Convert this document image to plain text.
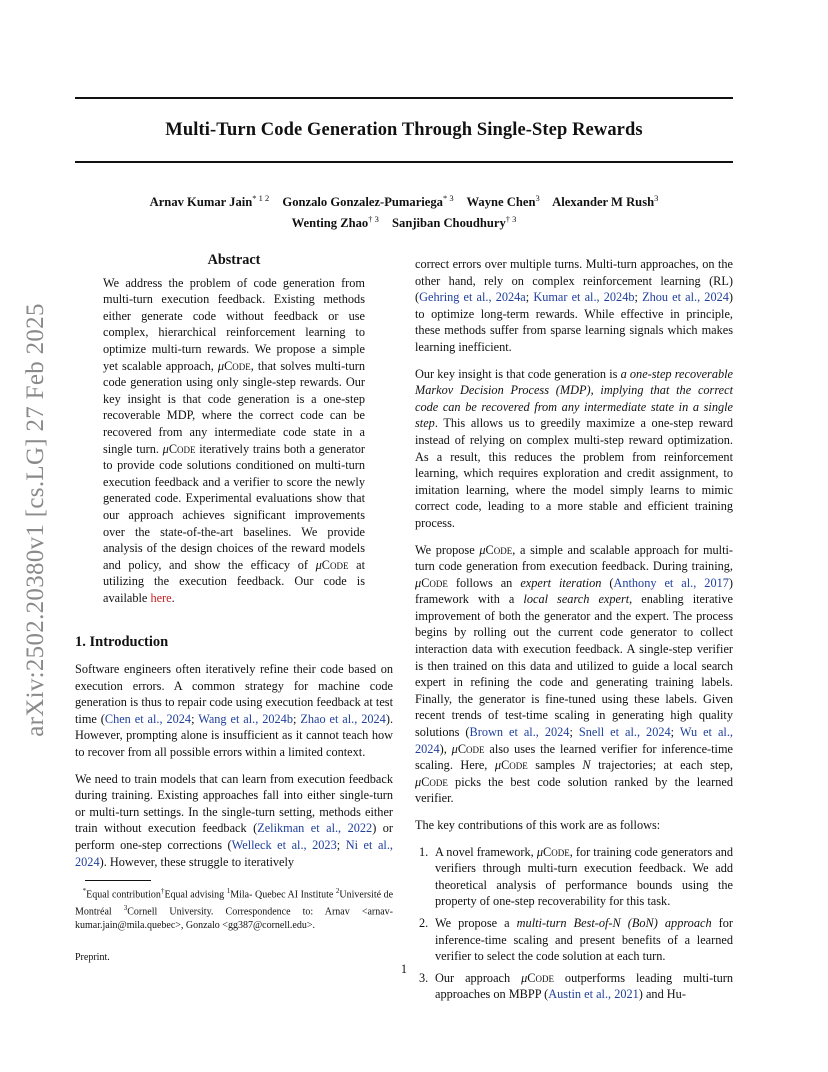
arXiv:2502.20380v1 [cs.LG] 27 Feb 2025
Multi-Turn Code Generation Through Single-Step Rewards
Arnav Kumar Jain$^{* 1 2}$ Gonzalo Gonzalez-Pumariega$^{* 3}$ Wayne Chen$^3$ Alexander M Rush$^3$
Wenting Zhao$^{\dagger 3}$ Sanjiban Choudhury$^{\dagger 3}$
Abstract

We address the problem of code generation from multi-turn execution feedback. Existing methods either generate code without feedback or use complex, hierarchical reinforcement learning to optimize multi-turn rewards. We propose a simple yet scalable approach, μCode, that solves multi-turn code generation using only single-step rewards. Our key insight is that code generation is a one-step recoverable MDP, where the correct code can be recovered from any intermediate code state in a single turn. μCode iteratively trains both a generator to provide code solutions conditioned on multi-turn execution feedback and a verifier to score the newly generated code. Experimental evaluations show that our approach achieves significant improvements over the state-of-the-art baselines. We provide analysis of the design choices of the reward models and policy, and show the efficacy of μCode at utilizing the execution feedback. Our code is available here.

1. Introduction

Software engineers often iteratively refine their code based on execution errors. A common strategy for machine code generation is thus to repair code using execution feedback at test time (Chen et al., 2024; Wang et al., 2024b; Zhao et al., 2024). However, prompting alone is insufficient as it cannot teach how to recover from all possible errors within a limited context.

We need to train models that can learn from execution feedback during training. Existing approaches fall into either single-turn or multi-turn settings. In the single-turn setting, methods either train without execution feedback (Zelikman et al., 2022) or perform one-step corrections (Welleck et al., 2023; Ni et al., 2024). However, these struggle to iteratively

*Equal contribution†Equal advising $^1$Mila- Quebec AI Institute $^2$Université de Montréal $^3$Cornell University. Correspondence to: Arnav <arnav-kumar.jain@mila.quebec>, Gonzalo <gg387@cornell.edu>.
Preprint.

correct errors over multiple turns. Multi-turn approaches, on the other hand, rely on complex reinforcement learning (RL) (Gehring et al., 2024a; Kumar et al., 2024b; Zhou et al., 2024) to optimize long-term rewards. While effective in principle, these methods suffer from sparse learning signals which makes learning inefficient.

Our key insight is that code generation is a one-step recoverable Markov Decision Process (MDP), implying that the correct code can be recovered from any intermediate state in a single step. This allows us to greedily maximize a one-step reward instead of relying on complex multi-step reward optimization. As a result, this reduces the problem from reinforcement learning, which requires exploration and credit assignment, to imitation learning, where the model simply learns to mimic correct code, leading to a more stable and efficient training process.

We propose μCode, a simple and scalable approach for multi-turn code generation from execution feedback. During training, μCode follows an expert iteration (Anthony et al., 2017) framework with a local search expert, enabling iterative improvement of both the generator and the expert. The process begins by rolling out the current code generator to collect interaction data with execution feedback. A single-step verifier is then trained on this data and utilized to guide a local search expert in refining the code and generating training labels. Finally, the generator is fine-tuned using these labels. Given recent trends of test-time scaling in generating high quality solutions (Brown et al., 2024; Snell et al., 2024; Wu et al., 2024), μCode also uses the learned verifier for inference-time scaling. Here, μCode samples N trajectories; at each step, μCode picks the best code solution ranked by the learned verifier.

The key contributions of this work are as follows:

1. A novel framework, μCode, for training code generators and verifiers through multi-turn execution feedback. We add theoretical analysis of performance bounds using the property of one-step recoverability for this task.
2. We propose a multi-turn Best-of-N (BoN) approach for inference-time scaling and present benefits of a learned verifier to select the code solution at each turn.
3. Our approach μCode outperforms leading multi-turn approaches on MBPP (Austin et al., 2021) and Hu-
1
